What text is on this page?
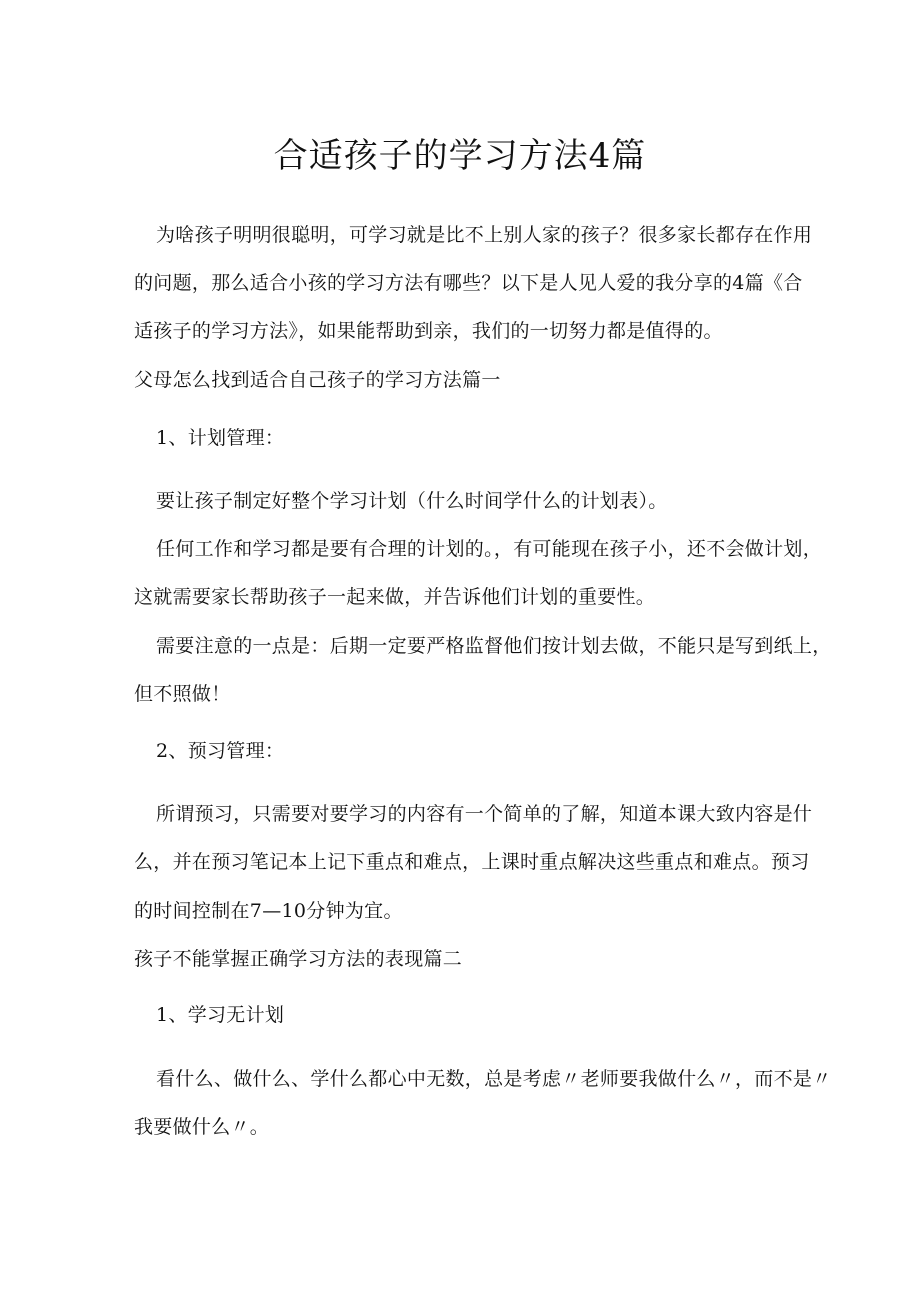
合适孩子的学习方法4篇
为啥孩子明明很聪明，可学习就是比不上别人家的孩子？很多家长都存在作用
的问题，那么适合小孩的学习方法有哪些？以下是人见人爱的我分享的4篇《合
适孩子的学习方法》，如果能帮助到亲，我们的一切努力都是值得的。
父母怎么找到适合自己孩子的学习方法篇一
1、计划管理：
要让孩子制定好整个学习计划（什么时间学什么的计划表）。
任何工作和学习都是要有合理的计划的。，有可能现在孩子小，还不会做计划，
这就需要家长帮助孩子一起来做，并告诉他们计划的重要性。
需要注意的一点是：后期一定要严格监督他们按计划去做，不能只是写到纸上，
但不照做！
2、预习管理：
所谓预习，只需要对要学习的内容有一个简单的了解，知道本课大致内容是什
么，并在预习笔记本上记下重点和难点，上课时重点解决这些重点和难点。预习
的时间控制在7—10分钟为宜。
孩子不能掌握正确学习方法的表现篇二
1、学习无计划
看什么、做什么、学什么都心中无数，总是考虑〃老师要我做什么〃，而不是〃
我要做什么〃。
